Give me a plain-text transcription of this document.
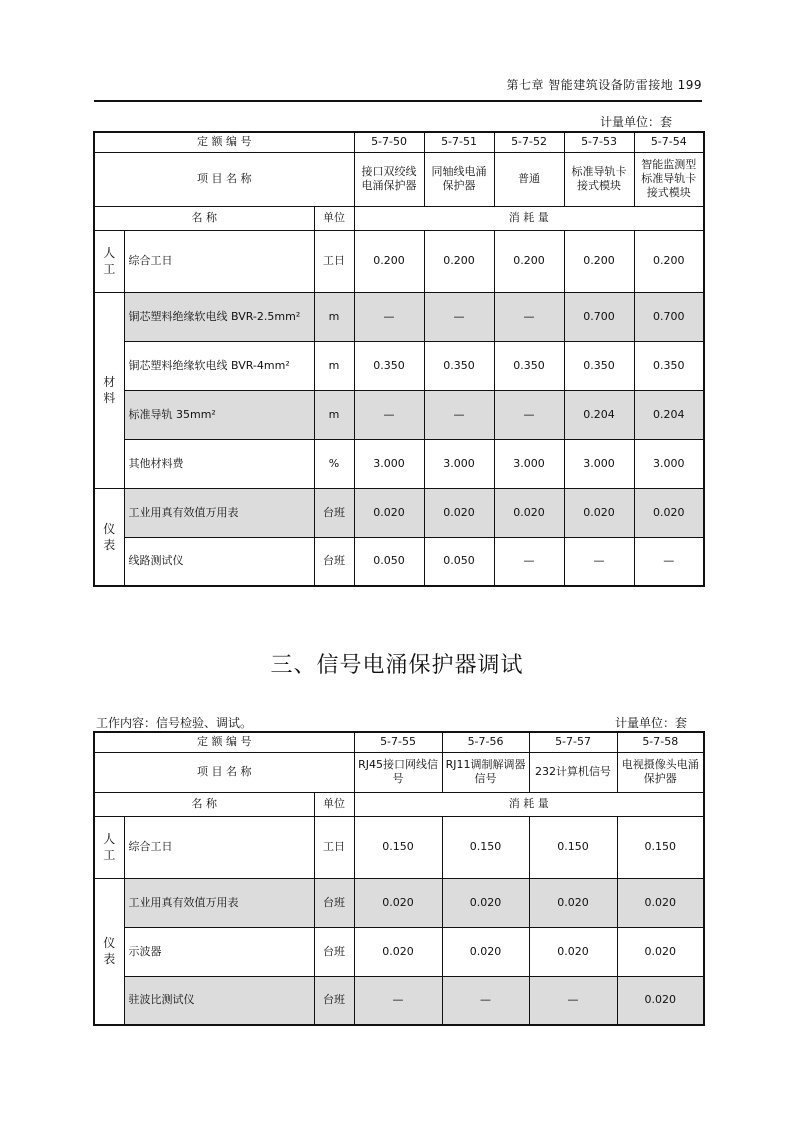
第七章 智能建筑设备防雷接地 199
计量单位：套
定 额 编 号			5-7-50	5-7-51	5-7-52	5-7-53	5-7-54
项 目 名 称			接口双绞线电涌保护器	同轴线电涌保护器	普通	标准导轨卡接式模块	智能监测型标准导轨卡接式模块
名 称		单位	消 耗 量				
人工	综合工日	工日	0.200	0.200	0.200	0.200	0.200
材料	铜芯塑料绝缘软电线 BVR-2.5mm²	m	—	—	—	0.700	0.700
	铜芯塑料绝缘软电线 BVR-4mm²	m	0.350	0.350	0.350	0.350	0.350
	标准导轨 35mm²	m	—	—	—	0.204	0.204
	其他材料费	%	3.000	3.000	3.000	3.000	3.000
仪表	工业用真有效值万用表	台班	0.020	0.020	0.020	0.020	0.020
	线路测试仪	台班	0.050	0.050	—	—	—
三、信号电涌保护器调试
工作内容：信号检验、调试。	计量单位：套
定 额 编 号			5-7-55	5-7-56	5-7-57	5-7-58
项 目 名 称			RJ45接口网线信号	RJ11调制解调器信号	232计算机信号	电视摄像头电涌保护器
名 称		单位	消 耗 量			
人工	综合工日	工日	0.150	0.150	0.150	0.150
仪表	工业用真有效值万用表	台班	0.020	0.020	0.020	0.020
	示波器	台班	0.020	0.020	0.020	0.020
	驻波比测试仪	台班	—	—	—	0.020
